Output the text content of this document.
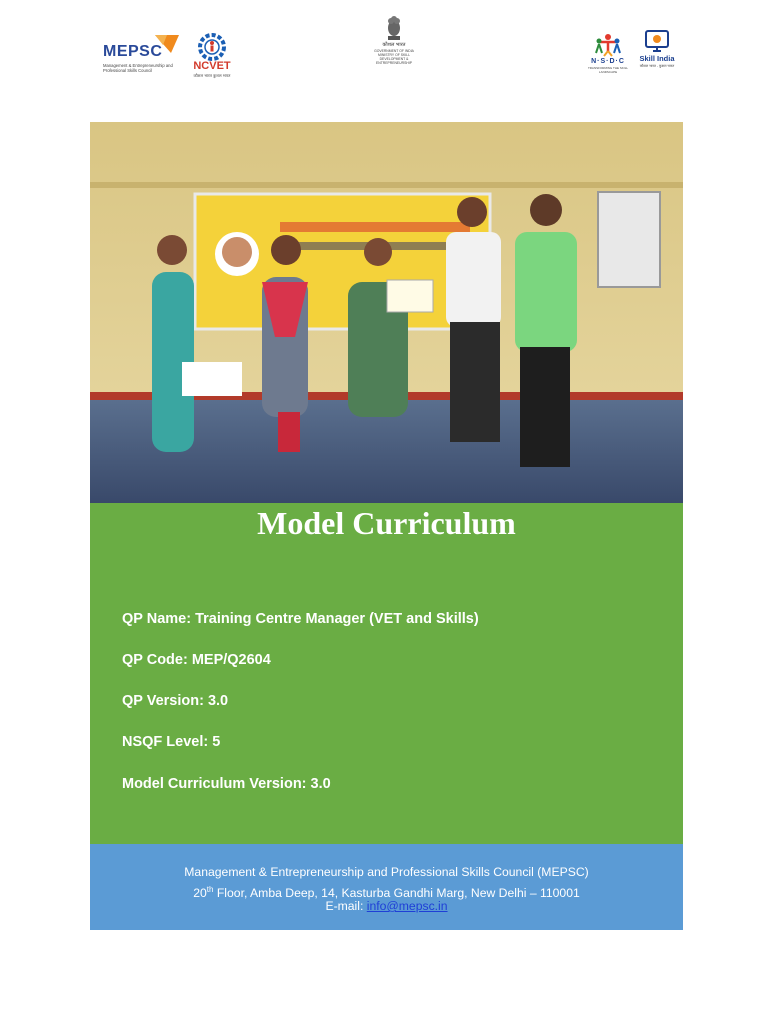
MEPSC
Management & Entrepreneurship and Professional Skills Council	NCVET
कौशल भारत कुशल भारत
कौशल भारत
GOVERNMENT OF INDIA MINISTRY OF SKILL DEVELOPMENT & ENTREPRENEURSHIP	N·S·D·C
TRANSFORMING THE SKILL LANDSCAPE
Skill India
कौशल भारत - कुशल भारत
Model Curriculum
QP Name: Training Centre Manager (VET and Skills)
QP Code: MEP/Q2604
QP Version: 3.0
NSQF Level: 5
Model Curriculum Version: 3.0
Management & Entrepreneurship and Professional Skills Council (MEPSC)
20th Floor, Amba Deep, 14, Kasturba Gandhi Marg, New Delhi – 110001
E-mail: info@mepsc.in
